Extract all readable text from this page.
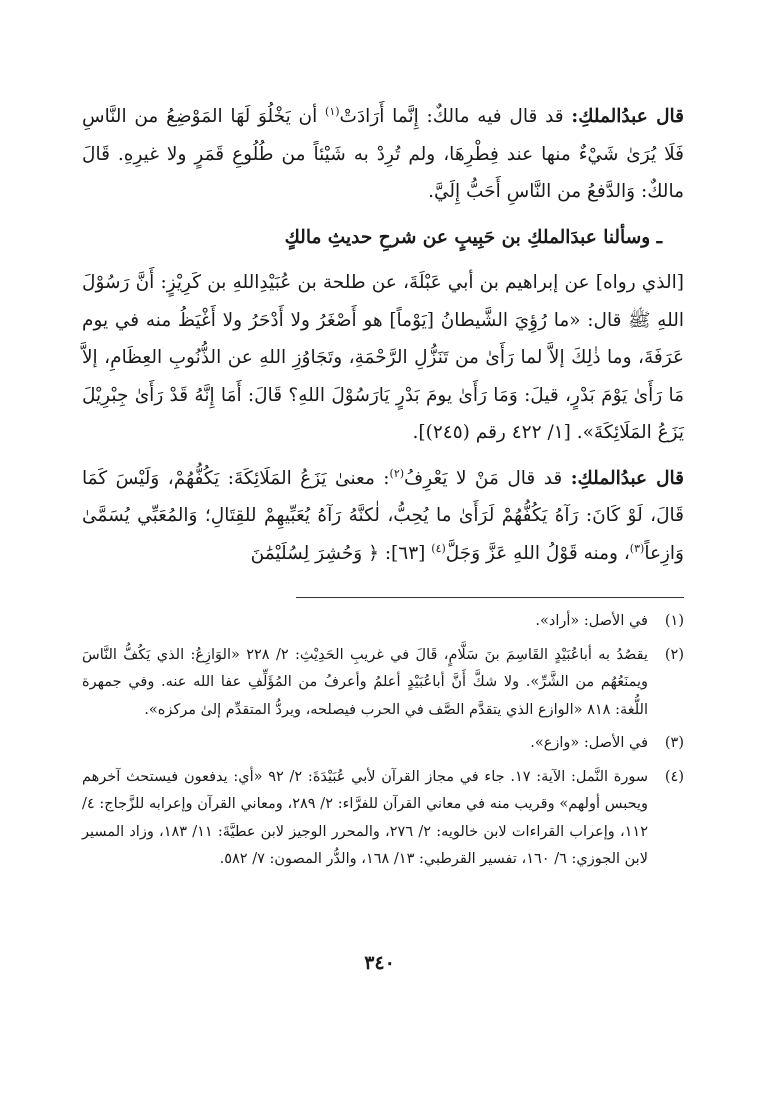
قال عبدُالملكِ: قد قال فيه مالكٌ: إِنَّما أَرَادَتْ$^{(١)}$ أن يَخْلُوَ لَهَا المَوْضِعُ من النَّاسِ فَلَا يُرَىٰ شَيْءٌ منها عند فِطْرِهَا، ولم تُرِدْ به شَيْئاً من طُلُوعِ قَمَرٍ ولا غيرِهِ. قَالَ مالكٌ: وَالدَّفعُ من النَّاسِ أَحَبُّ إِلَيَّ.

ـ وسألنا عبدَالملكِ بن حَبِيبٍ عن شرحِ حديثِ مالكٍ

[الذي رواه] عن إبراهيم بن أبي عَبْلَةَ، عن طلحة بن عُبَيْدِاللهِ بن كَرِيْزٍ: أَنَّ رَسُوْلَ اللهِ ﷺ قال: «ما رُؤِيَ الشَّيطانُ [يَوْماً] هو أَصْغَرُ ولا أَدْحَرُ ولا أَغْيَظُ منه في يوم عَرَفَةَ، وما ذٰلِكَ إلاَّ لما رَأَىٰ من تَنَزُّلِ الرَّحْمَةِ، وتَجَاوُزِ اللهِ عن الذُّنُوبِ العِظَامِ، إلاَّ مَا رَأَىٰ يَوْمَ بَدْرٍ، قيلَ: وَمَا رَأَىٰ يومَ بَدْرٍ يَارَسُوْلَ اللهِ؟ قَالَ: أَمَا إِنَّهُ قَدْ رَأَىٰ جِبْرِيْلَ يَزَعُ المَلَائِكَةَ». [١/ ٤٢٢ رقم (٢٤٥)].

قال عبدُالملكِ: قد قال مَنْ لا يَعْرِفُ$^{(٢)}$: معنىٰ يَزَعُ المَلَائِكَةَ: يَكُفُّهُمْ، وَلَيْسَ كَمَا قَالَ، لَوْ كَانَ: رَآهُ يَكُفُّهُمْ لَرَأَىٰ ما يُحِبُّ، لٰكنَّهُ رَآهُ يُعَبِّيهِمْ للقِتَالِ؛ وَالمُعَبِّي يُسَمَّىٰ وَازِعاً$^{(٣)}$، ومنه قَوْلُ اللهِ عَزَّ وَجَلَّ$^{(٤)}$ [٦٣]: ﴿ وَحُشِرَ لِسُلَيْمَٰنَ

(١)
في الأصل: «أراد».
(٢)
يقصُدُ به أباعُبَيْدٍ القَاسِمَ بنَ سَلَّامٍ، قَالَ في غريبِ الحَدِيْثِ: ٢/ ٢٢٨ «الوَازِعُ: الذي يَكُفُّ النَّاسَ ويمنَعُهُم من الشَّرِّ». ولا شكَّ أَنَّ أباعُبَيْدٍ أعلمُ وأعرفُ من المُؤَلِّفِ عفا الله عنه. وفي جمهرة اللُّغة: ٨١٨ «الوازع الذي يتقدَّم الصَّف في الحرب فيصلحه، ويردُّ المتقدِّم إلىٰ مركزه».
(٣)
في الأصل: «وازع».
(٤)
سورة النَّمل: الآية: ١٧. جاء في مجاز القرآن لأبي عُبَيْدَةَ: ٢/ ٩٢ «أي: يدفعون فيستحث آخرهم ويحبس أولهم» وقريب منه في معاني القرآن للفرَّاء: ٢/ ٢٨٩، ومعاني القرآن وإعرابه للزَّجاج: ٤/ ١١٢، وإعراب القراءات لابن خالويه: ٢/ ٢٧٦، والمحرر الوجيز لابن عطيَّةَ: ١١/ ١٨٣، وزاد المسير لابن الجوزي: ٦/ ١٦٠، تفسير القرطبي: ١٣/ ١٦٨، والدُّر المصون: ٧/ ٥٨٢.
٣٤٠
